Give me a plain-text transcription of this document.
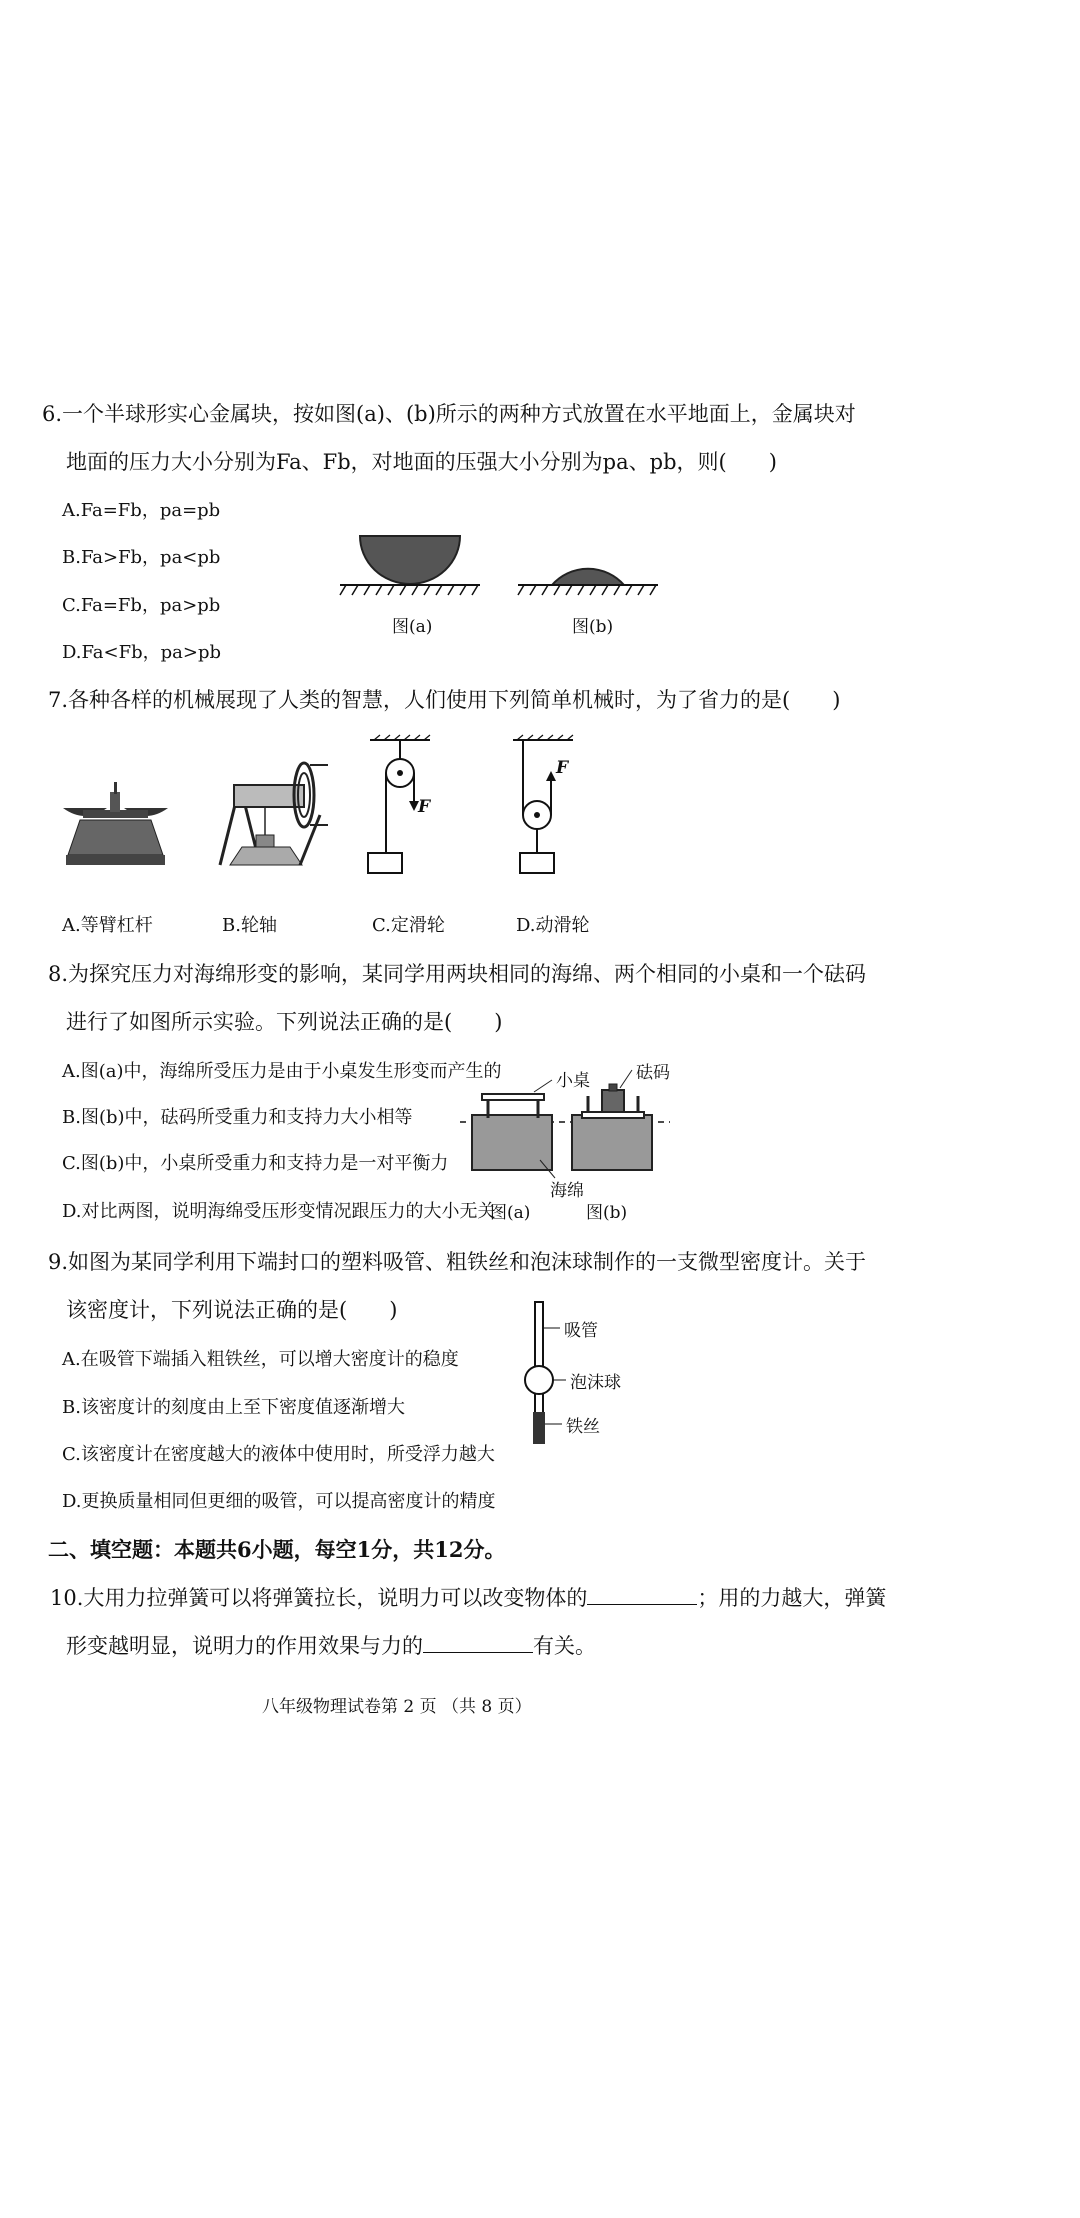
6.一个半球形实心金属块，按如图(a)、(b)所示的两种方式放置在水平地面上，金属块对
地面的压力大小分别为Fa、Fb，对地面的压强大小分别为pa、pb，则(　　)
A.Fa=Fb，pa=pb
B.Fa>Fb，pa<pb
C.Fa=Fb，pa>pb
D.Fa<Fb，pa>pb
图(a)	图(b)
7.各种各样的机械展现了人类的智慧，人们使用下列简单机械时，为了省力的是(　　)
F
F
A.等臂杠杆	B.轮轴	C.定滑轮	D.动滑轮
8.为探究压力对海绵形变的影响，某同学用两块相同的海绵、两个相同的小桌和一个砝码
进行了如图所示实验。下列说法正确的是(　　)
A.图(a)中，海绵所受压力是由于小桌发生形变而产生的
B.图(b)中，砝码所受重力和支持力大小相等
C.图(b)中，小桌所受重力和支持力是一对平衡力
D.对比两图，说明海绵受压形变情况跟压力的大小无关
小桌	砝码
海绵
图(a)	图(b)
9.如图为某同学利用下端封口的塑料吸管、粗铁丝和泡沫球制作的一支微型密度计。关于
该密度计，下列说法正确的是(　　)
A.在吸管下端插入粗铁丝，可以增大密度计的稳度
B.该密度计的刻度由上至下密度值逐渐增大
C.该密度计在密度越大的液体中使用时，所受浮力越大
D.更换质量相同但更细的吸管，可以提高密度计的精度
吸管
泡沫球
铁丝
二、填空题：本题共6小题，每空1分，共12分。
10.大用力拉弹簧可以将弹簧拉长，说明力可以改变物体的	；用的力越大，弹簧
形变越明显，说明力的作用效果与力的	有关。
八年级物理试卷第 2 页 （共 8 页）
